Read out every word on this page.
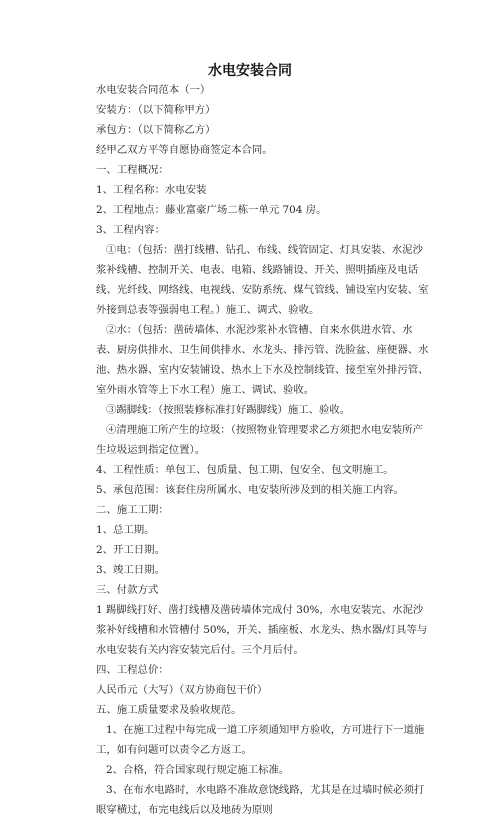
水电安装合同

水电安装合同范本（一）

安装方：（以下简称甲方）

承包方：（以下简称乙方）

经甲乙双方平等自愿协商签定本合同。

一、工程概况：

1、工程名称：水电安装

2、工程地点：藤业富豪广场二栋一单元 704 房。

3、工程内容：

①电：（包括：凿打线槽、钻孔、布线、线管固定、灯具安装、水泥沙浆补线槽、控制开关、电表、电箱、线路铺设、开关、照明插座及电话线、光纤线、网络线、电视线、安防系统、煤气管线、铺设室内安装、室外接到总表等强弱电工程。）施工、调式、验收。

②水：（包括：凿砖墙体、水泥沙浆补水管槽、自来水供进水管、水表、厨房供排水、卫生间供排水、水龙头、排污管、洗脸盆、座便器、水池、热水器、室内安装铺设、热水上下水及控制线管、接至室外排污管、室外雨水管等上下水工程）施工、调试、验收。

③踢脚线：（按照装修标准打好踢脚线）施工、验收。

④清理施工所产生的垃圾：（按照物业管理要求乙方须把水电安装所产生垃圾运到指定位置）。

4、工程性质：单包工、包质量、包工期、包安全、包文明施工。

5、承包范围：该套住房所属水、电安装所涉及到的相关施工内容。

二、施工工期：

1、总工期。

2、开工日期。

3、竣工日期。

三、付款方式

1 踢脚线打好、凿打线槽及凿砖墙体完成付 30%，水电安装完、水泥沙浆补好线槽和水管槽付 50%，开关、插座板、水龙头、热水器/灯具等与水电安装有关内容安装完后付。三个月后付。

四、工程总价：

人民币元（大写）（双方协商包干价）

五、施工质量要求及验收规范。

1、在施工过程中每完成一道工序须通知甲方验收，方可进行下一道施工，如有问题可以责令乙方返工。

2、合格，符合国家现行规定施工标准。

3、在布水电路时，水电路不准故意饶线路，尤其是在过墙时候必须打眼穿横过，布完电线后以及地砖为原则
